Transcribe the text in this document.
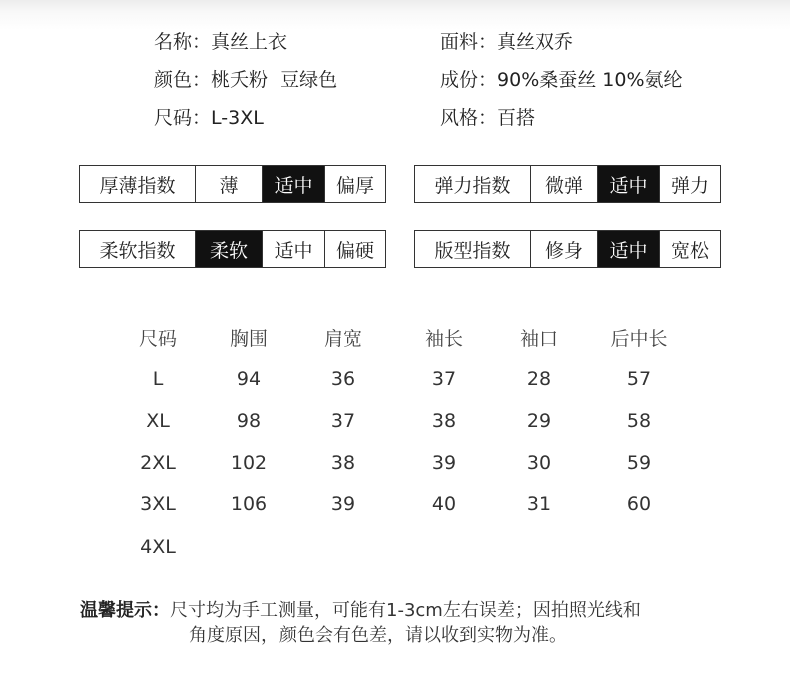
名称：真丝上衣
颜色：桃夭粉  豆绿色
尺码：L-3XL
面料：真丝双乔
成份：90%桑蚕丝 10%氨纶
风格：百搭
厚薄指数	薄	适中	偏厚	弹力指数	微弹	适中	弹力
柔软指数	柔软	适中	偏硬	版型指数	修身	适中	宽松
尺码	胸围	肩宽	袖长	袖口	后中长
L	94	36	37	28	57
XL	98	37	38	29	58
2XL	102	38	39	30	59
3XL	106	39	40	31	60
4XL
温馨提示：尺寸均为手工测量，可能有1-3cm左右误差；因拍照光线和
角度原因，颜色会有色差，请以收到实物为准。
